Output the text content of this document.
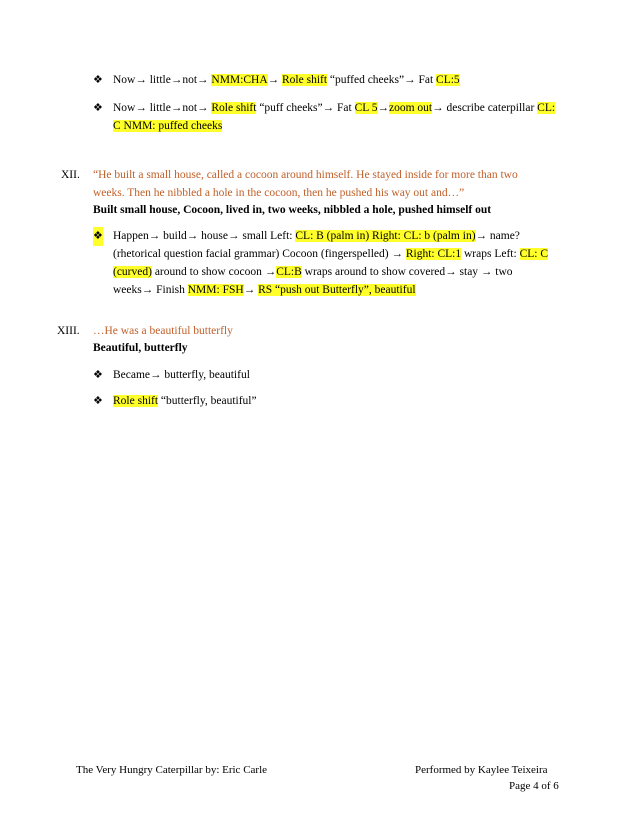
❖ Now→ little→not→ NMM:CHA→ Role shift “puffed cheeks”→ Fat CL:5
❖ Now→ little→not→ Role shift “puff cheeks”→ Fat CL 5→zoom out→ describe caterpillar CL:
C NMM: puffed cheeks
XII. “He built a small house, called a cocoon around himself. He stayed inside for more than two
weeks. Then he nibbled a hole in the cocoon, then he pushed his way out and…”
Built small house, Cocoon, lived in, two weeks, nibbled a hole, pushed himself out
❖ Happen→ build→ house→ small Left: CL: B (palm in) Right: CL: b (palm in)→ name?
(rhetorical question facial grammar) Cocoon (fingerspelled) → Right: CL:1 wraps Left: CL: C
(curved) around to show cocoon →CL:B wraps around to show covered→ stay → two
weeks→ Finish NMM: FSH→ RS “push out Butterfly”, beautiful
XIII. …He was a beautiful butterfly
Beautiful, butterfly
❖ Became→ butterfly, beautiful
❖ Role shift “butterfly, beautiful”
The Very Hungry Caterpillar by: Eric Carle	Performed by Kaylee Teixeira
Page 4 of 6
